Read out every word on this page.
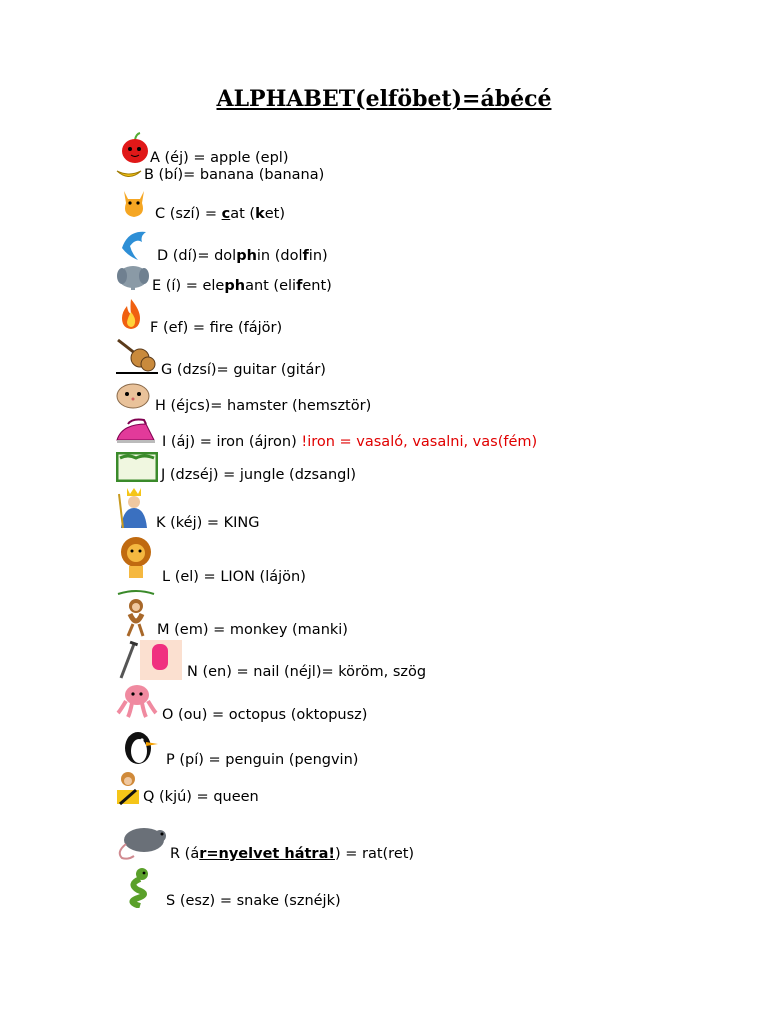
ALPHABET(elföbet)=ábécé
A (éj) = apple (epl)
B (bí)= banana (banana)
C (szí) = cat (ket)
D (dí)= dolphin (dolfin)
E (í) = elephant (elifent)
F (ef) = fire (fájör)
G (dzsí)= guitar (gitár)
H (éjcs)= hamster (hemsztör)
I (áj) = iron (ájron) !iron = vasaló, vasalni, vas(fém)
J (dzséj) = jungle (dzsangl)
K (kéj) = KING
L (el) = LION (lájön)
M (em) = monkey (manki)
N (en) = nail (néjl)= köröm, szög
O (ou) = octopus (oktopusz)
P (pí) = penguin (pengvin)
Q (kjú) = queen
R (ár=nyelvet hátra!) = rat(ret)
S (esz) = snake (sznéjk)
